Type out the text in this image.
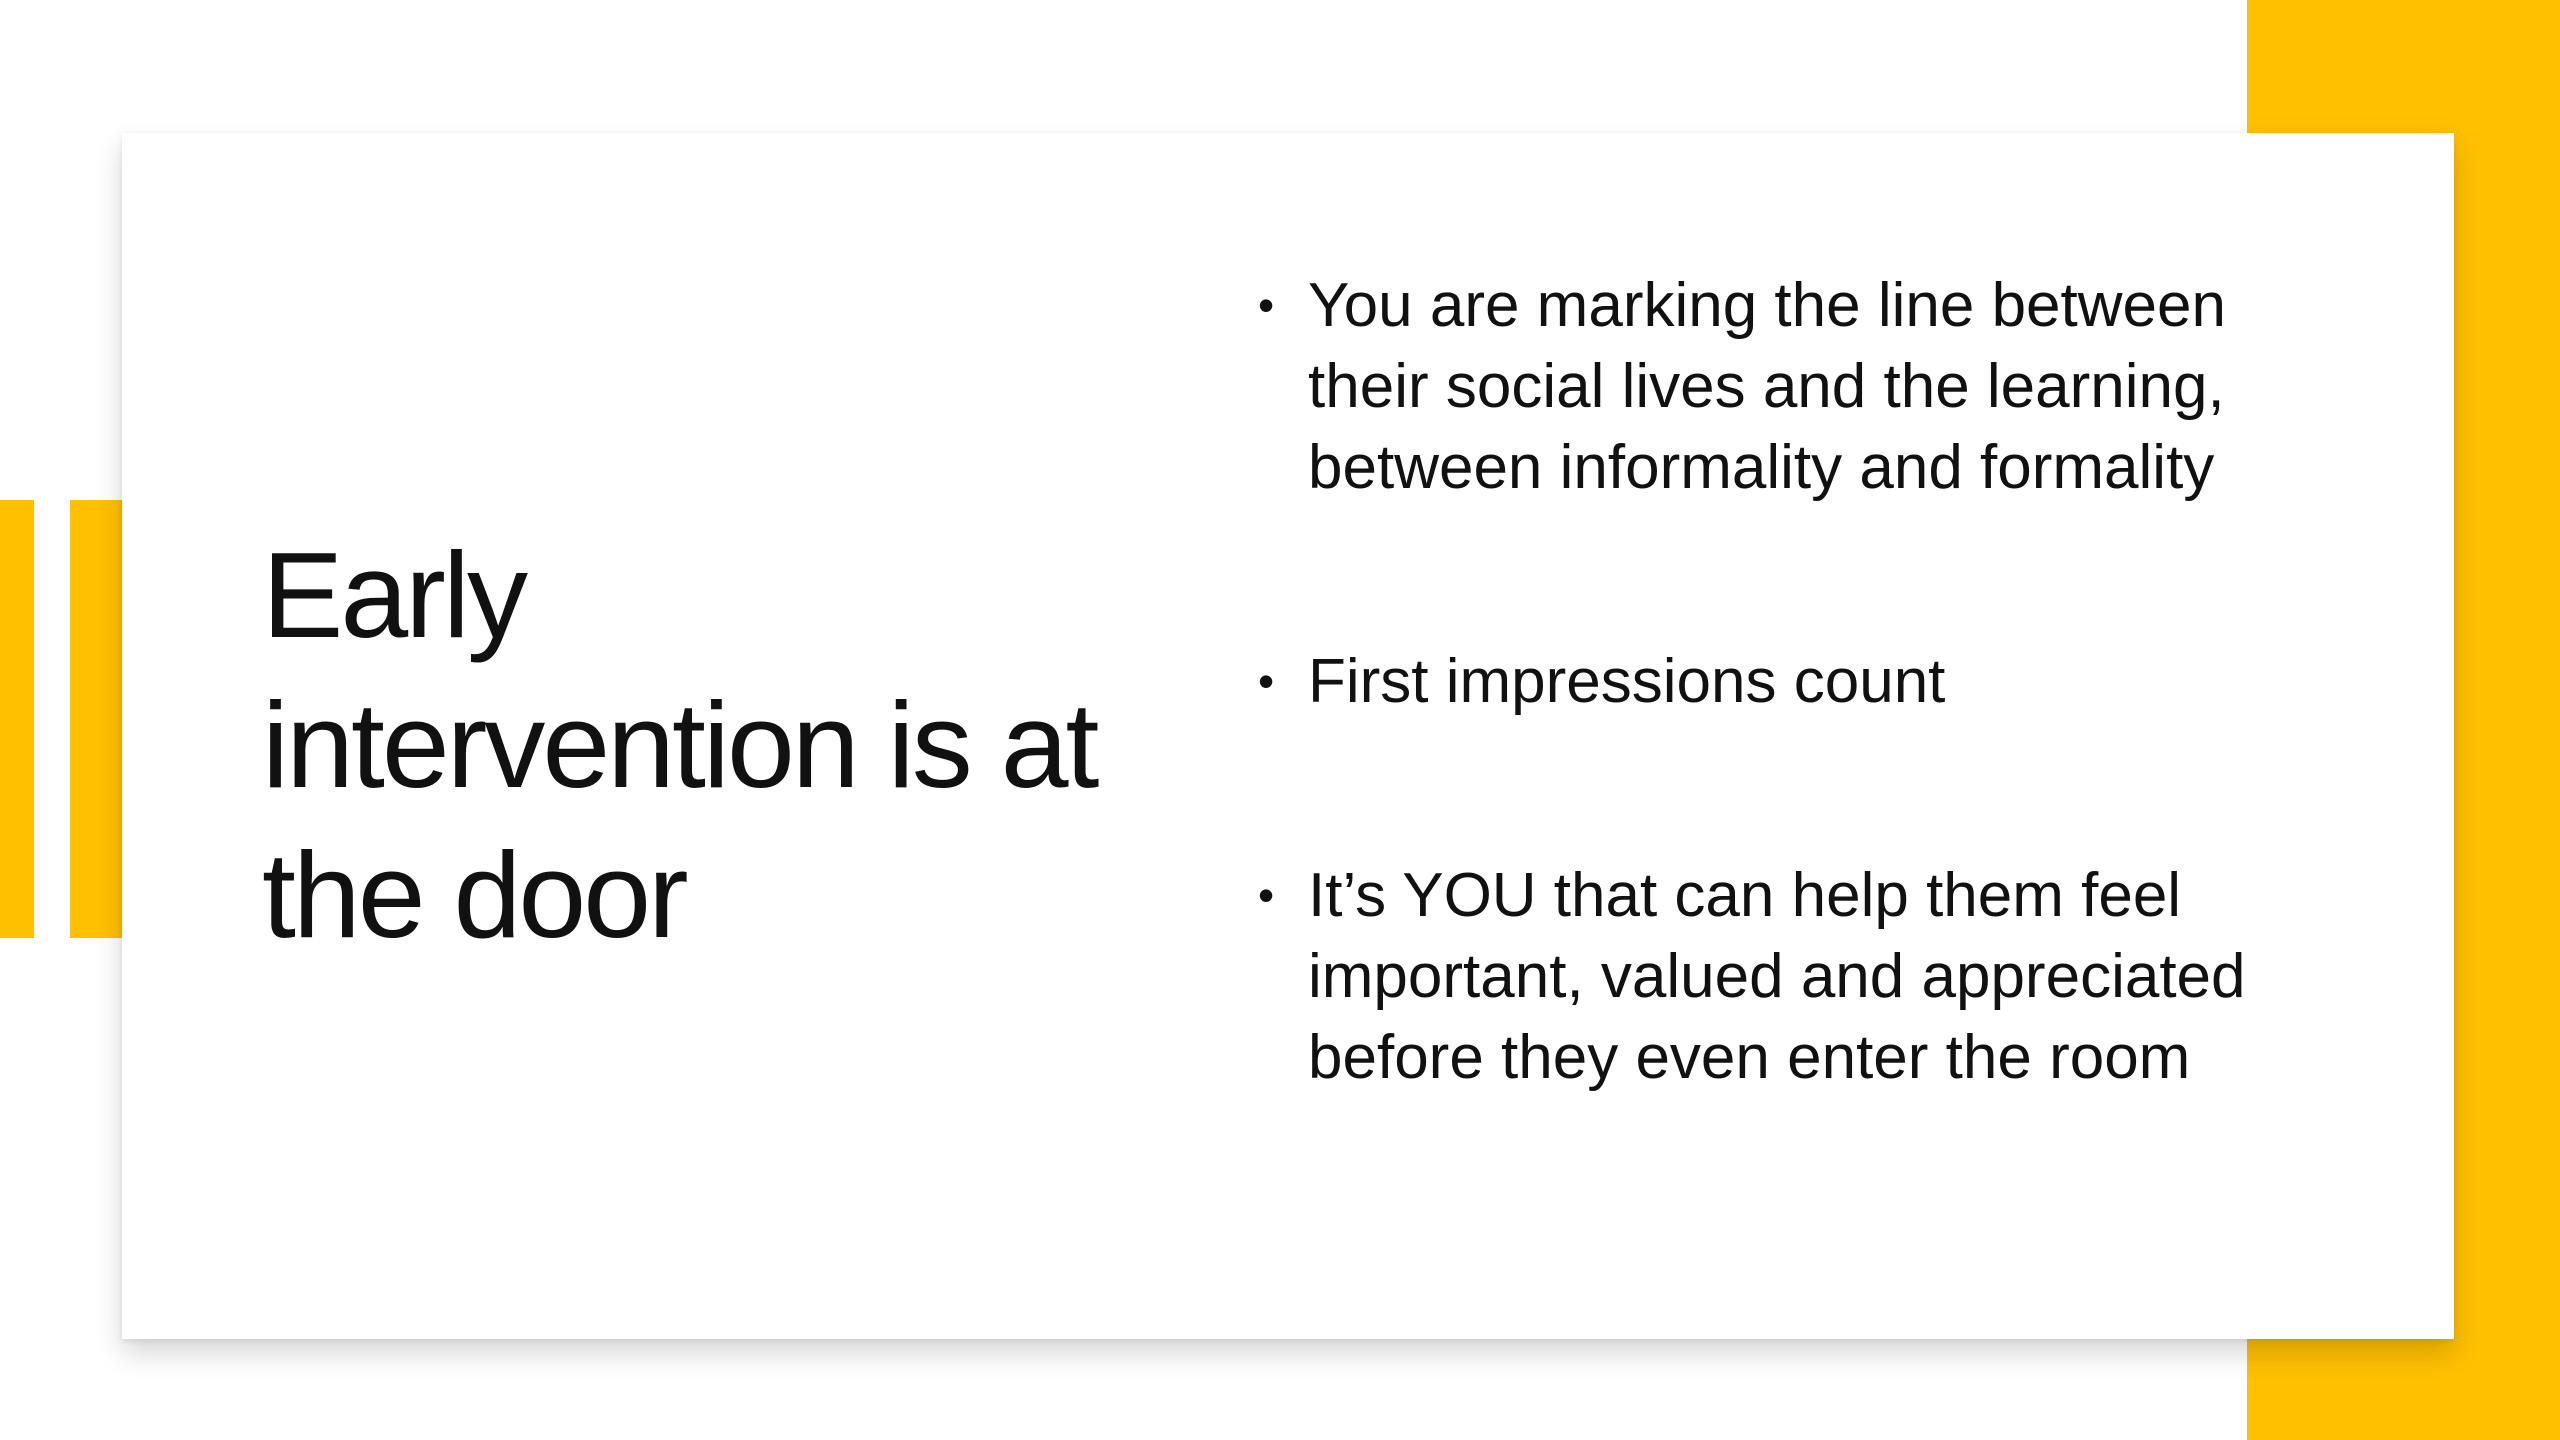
Early intervention is at the door
• You are marking the line between their social lives and the learning, between informality and formality
• First impressions count
• It’s YOU that can help them feel important, valued and appreciated before they even enter the room
